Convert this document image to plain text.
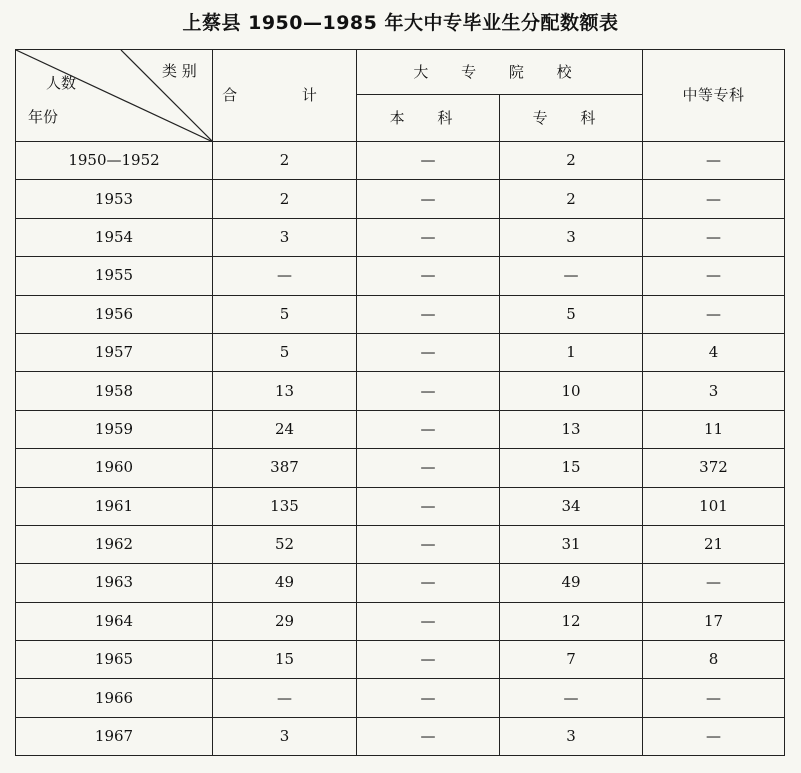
上蔡县 1950—1985 年大中专毕业生分配数额表
类 别
人数
年份	合 计	大 专 院 校		中等专科
		本 科	专 科	
1950—1952	2	—	2	—
1953	2	—	2	—
1954	3	—	3	—
1955	—	—	—	—
1956	5	—	5	—
1957	5	—	1	4
1958	13	—	10	3
1959	24	—	13	11
1960	387	—	15	372
1961	135	—	34	101
1962	52	—	31	21
1963	49	—	49	—
1964	29	—	12	17
1965	15	—	7	8
1966	—	—	—	—
1967	3	—	3	—
